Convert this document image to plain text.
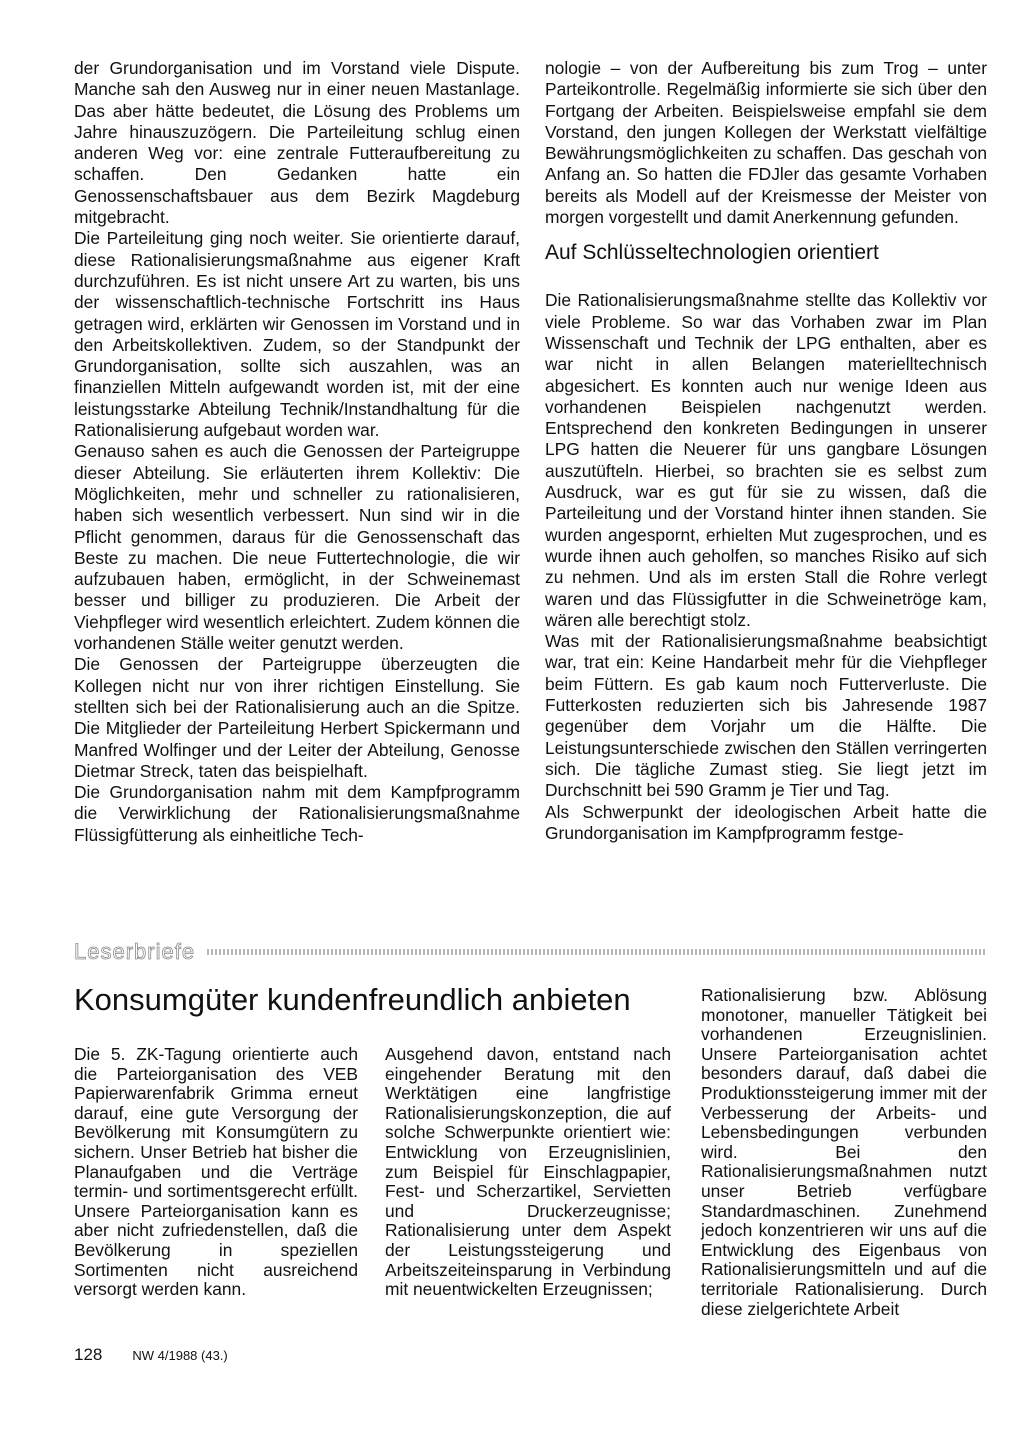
der Grundorganisation und im Vorstand viele Dispute. Manche sah den Ausweg nur in einer neuen Mastanlage. Das aber hätte bedeutet, die Lösung des Problems um Jahre hinauszuzögern. Die Parteileitung schlug einen anderen Weg vor: eine zentrale Futteraufbereitung zu schaffen. Den Gedanken hatte ein Genossenschaftsbauer aus dem Bezirk Magdeburg mitgebracht.

Die Parteileitung ging noch weiter. Sie orientierte darauf, diese Rationalisierungsmaßnahme aus eigener Kraft durchzuführen. Es ist nicht unsere Art zu warten, bis uns der wissenschaftlich-technische Fortschritt ins Haus getragen wird, erklärten wir Genossen im Vorstand und in den Arbeitskollektiven. Zudem, so der Standpunkt der Grundorganisation, sollte sich auszahlen, was an finanziellen Mitteln aufgewandt worden ist, mit der eine leistungsstarke Abteilung Technik/Instandhaltung für die Rationalisierung aufgebaut worden war.

Genauso sahen es auch die Genossen der Parteigruppe dieser Abteilung. Sie erläuterten ihrem Kollektiv: Die Möglichkeiten, mehr und schneller zu rationalisieren, haben sich wesentlich verbessert. Nun sind wir in die Pflicht genommen, daraus für die Genossenschaft das Beste zu machen. Die neue Futtertechnologie, die wir aufzubauen haben, ermöglicht, in der Schweinemast besser und billiger zu produzieren. Die Arbeit der Viehpfleger wird wesentlich erleichtert. Zudem können die vorhandenen Ställe weiter genutzt werden.

Die Genossen der Parteigruppe überzeugten die Kollegen nicht nur von ihrer richtigen Einstellung. Sie stellten sich bei der Rationalisierung auch an die Spitze. Die Mitglieder der Parteileitung Herbert Spickermann und Manfred Wolfinger und der Leiter der Abteilung, Genosse Dietmar Streck, taten das beispielhaft.

Die Grundorganisation nahm mit dem Kampfprogramm die Verwirklichung der Rationalisierungsmaßnahme Flüssigfütterung als einheitliche Tech-

nologie – von der Aufbereitung bis zum Trog – unter Parteikontrolle. Regelmäßig informierte sie sich über den Fortgang der Arbeiten. Beispielsweise empfahl sie dem Vorstand, den jungen Kollegen der Werkstatt vielfältige Bewährungsmöglichkeiten zu schaffen. Das geschah von Anfang an. So hatten die FDJler das gesamte Vorhaben bereits als Modell auf der Kreismesse der Meister von morgen vorgestellt und damit Anerkennung gefunden.

Auf Schlüsseltechnologien orientiert

Die Rationalisierungsmaßnahme stellte das Kollektiv vor viele Probleme. So war das Vorhaben zwar im Plan Wissenschaft und Technik der LPG enthalten, aber es war nicht in allen Belangen materielltechnisch abgesichert. Es konnten auch nur wenige Ideen aus vorhandenen Beispielen nachgenutzt werden. Entsprechend den konkreten Bedingungen in unserer LPG hatten die Neuerer für uns gangbare Lösungen auszutüfteln. Hierbei, so brachten sie es selbst zum Ausdruck, war es gut für sie zu wissen, daß die Parteileitung und der Vorstand hinter ihnen standen. Sie wurden angespornt, erhielten Mut zugesprochen, und es wurde ihnen auch geholfen, so manches Risiko auf sich zu nehmen. Und als im ersten Stall die Rohre verlegt waren und das Flüssigfutter in die Schweinetröge kam, wären alle berechtigt stolz.

Was mit der Rationalisierungsmaßnahme beabsichtigt war, trat ein: Keine Handarbeit mehr für die Viehpfleger beim Füttern. Es gab kaum noch Futterverluste. Die Futterkosten reduzierten sich bis Jahresende 1987 gegenüber dem Vorjahr um die Hälfte. Die Leistungsunterschiede zwischen den Ställen verringerten sich. Die tägliche Zumast stieg. Sie liegt jetzt im Durchschnitt bei 590 Gramm je Tier und Tag.

Als Schwerpunkt der ideologischen Arbeit hatte die Grundorganisation im Kampfprogramm festge-

Leserbriefe
Konsumgüter kundenfreundlich anbieten

Die 5. ZK-Tagung orientierte auch die Parteiorganisation des VEB Papierwarenfabrik Grimma erneut darauf, eine gute Versorgung der Bevölkerung mit Konsumgütern zu sichern. Unser Betrieb hat bisher die Planaufgaben und die Verträge termin- und sortimentsgerecht erfüllt. Unsere Parteiorganisation kann es aber nicht zufriedenstellen, daß die Bevölkerung in speziellen Sortimenten nicht ausreichend versorgt werden kann.

Ausgehend davon, entstand nach eingehender Beratung mit den Werktätigen eine langfristige Rationalisierungskonzeption, die auf solche Schwerpunkte orientiert wie: Entwicklung von Erzeugnislinien, zum Beispiel für Einschlagpapier, Fest- und Scherzartikel, Servietten und Druckerzeugnisse; Rationalisierung unter dem Aspekt der Leistungssteigerung und Arbeitszeiteinsparung in Verbindung mit neuentwickelten Erzeugnissen;

Rationalisierung bzw. Ablösung monotoner, manueller Tätigkeit bei vorhandenen Erzeugnislinien. Unsere Parteiorganisation achtet besonders darauf, daß dabei die Produktionssteigerung immer mit der Verbesserung der Arbeits- und Lebensbedingungen verbunden wird. Bei den Rationalisierungsmaßnahmen nutzt unser Betrieb verfügbare Standardmaschinen. Zunehmend jedoch konzentrieren wir uns auf die Entwicklung des Eigenbaus von Rationalisierungsmitteln und auf die territoriale Rationalisierung. Durch diese zielgerichtete Arbeit

128 NW 4/1988 (43.)
